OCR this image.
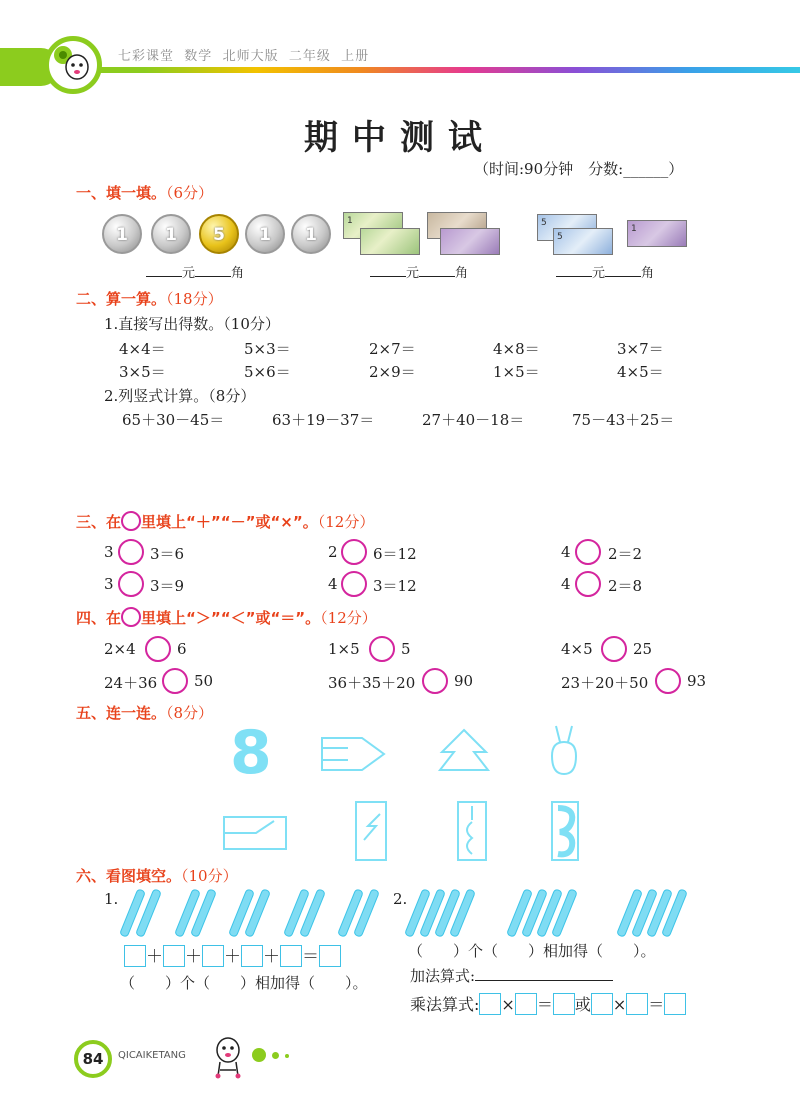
七彩课堂 数学 北师大版 二年级 上册
期中测试
（时间:90分钟　分数:______）
一、填一填。（6分）
1	1	5	1	1
1	5
5
1
元	角	元	角	元	角
二、算一算。（18分）
1.直接写出得数。（10分）
4×4＝	5×3＝	2×7＝	4×8＝	3×7＝
3×5＝	5×6＝	2×9＝	1×5＝	4×5＝
2.列竖式计算。（8分）
65＋30－45＝	63＋19－37＝	27＋40－18＝	75－43＋25＝
三、在 里填上“＋”“－”或“×”。（12分）
3 3＝6	2 6＝12	4 2＝2
3 3＝9	4 3＝12	4 2＝8
四、在 里填上“＞”“＜”或“＝”。（12分）
2×4	6	1×5	5	4×5	25
24＋36 50	36＋35＋20	90	23＋20＋50	93
五、连一连。（8分）
8
六、看图填空。（10分）
1.
＋ ＋ ＋ ＋ ＝
（　　）个（　　）相加得（　　）。
2.
（　　）个（　　）相加得（　　）。
加法算式:
乘法算式: × ＝ 或 × ＝
84	QICAIKETANG
